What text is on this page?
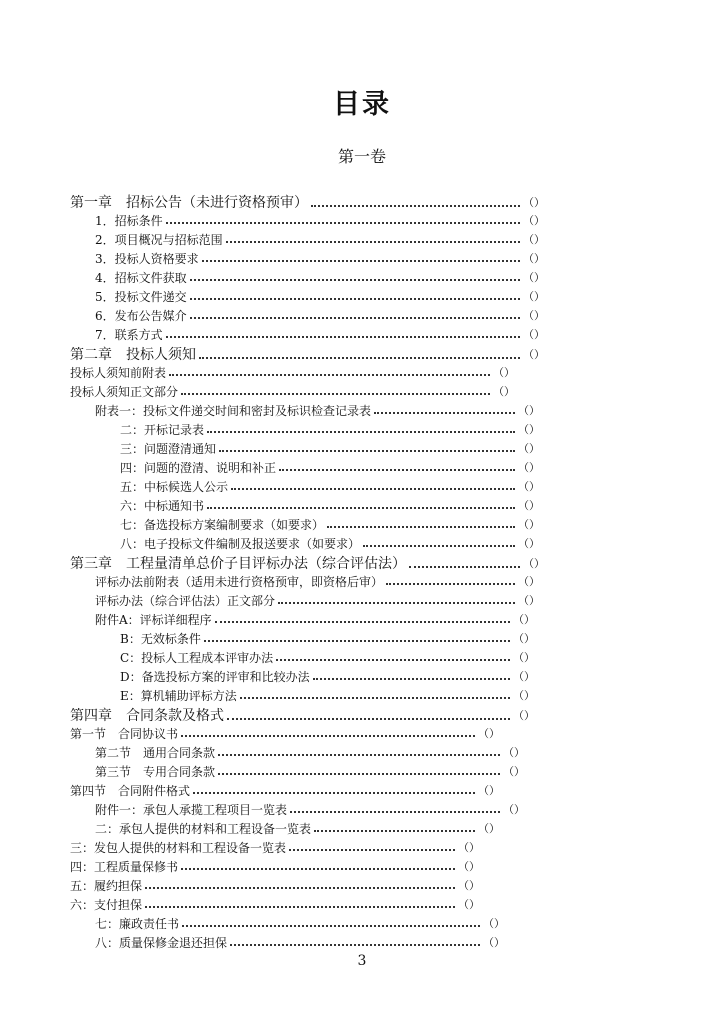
目录
第一卷
第一章　招标公告（未进行资格预审）	（）
1．招标条件	（）
2．项目概况与招标范围	（）
3．投标人资格要求	（）
4．招标文件获取	（）
5．投标文件递交	（）
6．发布公告媒介	（）
7．联系方式	（）
第二章　投标人须知	（）
投标人须知前附表	（）
投标人须知正文部分	（）
附表一：投标文件递交时间和密封及标识检查记录表	（）
二：开标记录表	（）
三：问题澄清通知	（）
四：问题的澄清、说明和补正	（）
五：中标候选人公示	（）
六：中标通知书	（）
七：备选投标方案编制要求（如要求）	（）
八：电子投标文件编制及报送要求（如要求）	（）
第三章　工程量清单总价子目评标办法（综合评估法）	（）
评标办法前附表（适用未进行资格预审，即资格后审）	（）
评标办法（综合评估法）正文部分	（）
附件A：评标详细程序	（）
B：无效标条件	（）
C：投标人工程成本评审办法	（）
D：备选投标方案的评审和比较办法	（）
E：算机辅助评标方法	（）
第四章　合同条款及格式	（）
第一节　合同协议书	（）
第二节　通用合同条款	（）
第三节　专用合同条款	（）
第四节　合同附件格式	（）
附件一：承包人承揽工程项目一览表	（）
二：承包人提供的材料和工程设备一览表	（）
三：发包人提供的材料和工程设备一览表	（）
四：工程质量保修书	（）
五：履约担保	（）
六：支付担保	（）
七：廉政责任书	（）
八：质量保修金退还担保	（）
3
